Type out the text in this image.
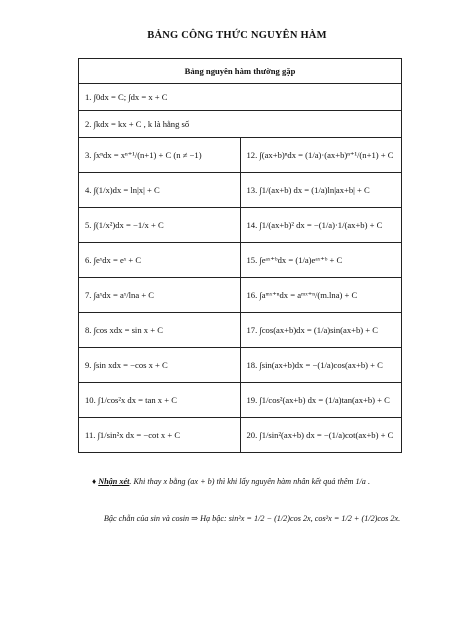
BẢNG CÔNG THỨC NGUYÊN HÀM
Bảng nguyên hàm thường gặp	
1. ∫0dx = C; ∫dx = x + C	
2. ∫kdx = kx + C , k là hằng số	
3. ∫xⁿdx = xⁿ⁺¹/(n+1) + C (n ≠ −1)	12. ∫(ax+b)ⁿdx = (1/a)·(ax+b)ⁿ⁺¹/(n+1) + C
4. ∫(1/x)dx = ln|x| + C	13. ∫1/(ax+b) dx = (1/a)ln|ax+b| + C
5. ∫(1/x²)dx = −1/x + C	14. ∫1/(ax+b)² dx = −(1/a)·1/(ax+b) + C
6. ∫eˣdx = eˣ + C	15. ∫eᵃˣ⁺ᵇdx = (1/a)eᵃˣ⁺ᵇ + C
7. ∫aˣdx = aˣ/lna + C	16. ∫aᵐˣ⁺ⁿdx = aᵐˣ⁺ⁿ/(m.lna) + C
8. ∫cos xdx = sin x + C	17. ∫cos(ax+b)dx = (1/a)sin(ax+b) + C
9. ∫sin xdx = −cos x + C	18. ∫sin(ax+b)dx = −(1/a)cos(ax+b) + C
10. ∫1/cos²x dx = tan x + C	19. ∫1/cos²(ax+b) dx = (1/a)tan(ax+b) + C
11. ∫1/sin²x dx = −cot x + C	20. ∫1/sin²(ax+b) dx = −(1/a)cot(ax+b) + C
♦ Nhận xét. Khi thay x bằng (ax + b) thì khi lấy nguyên hàm nhân kết quả thêm 1/a .
Bậc chẵn của sin và cosin ⇒ Hạ bậc: sin²x = 1/2 − (1/2)cos 2x, cos²x = 1/2 + (1/2)cos 2x.
